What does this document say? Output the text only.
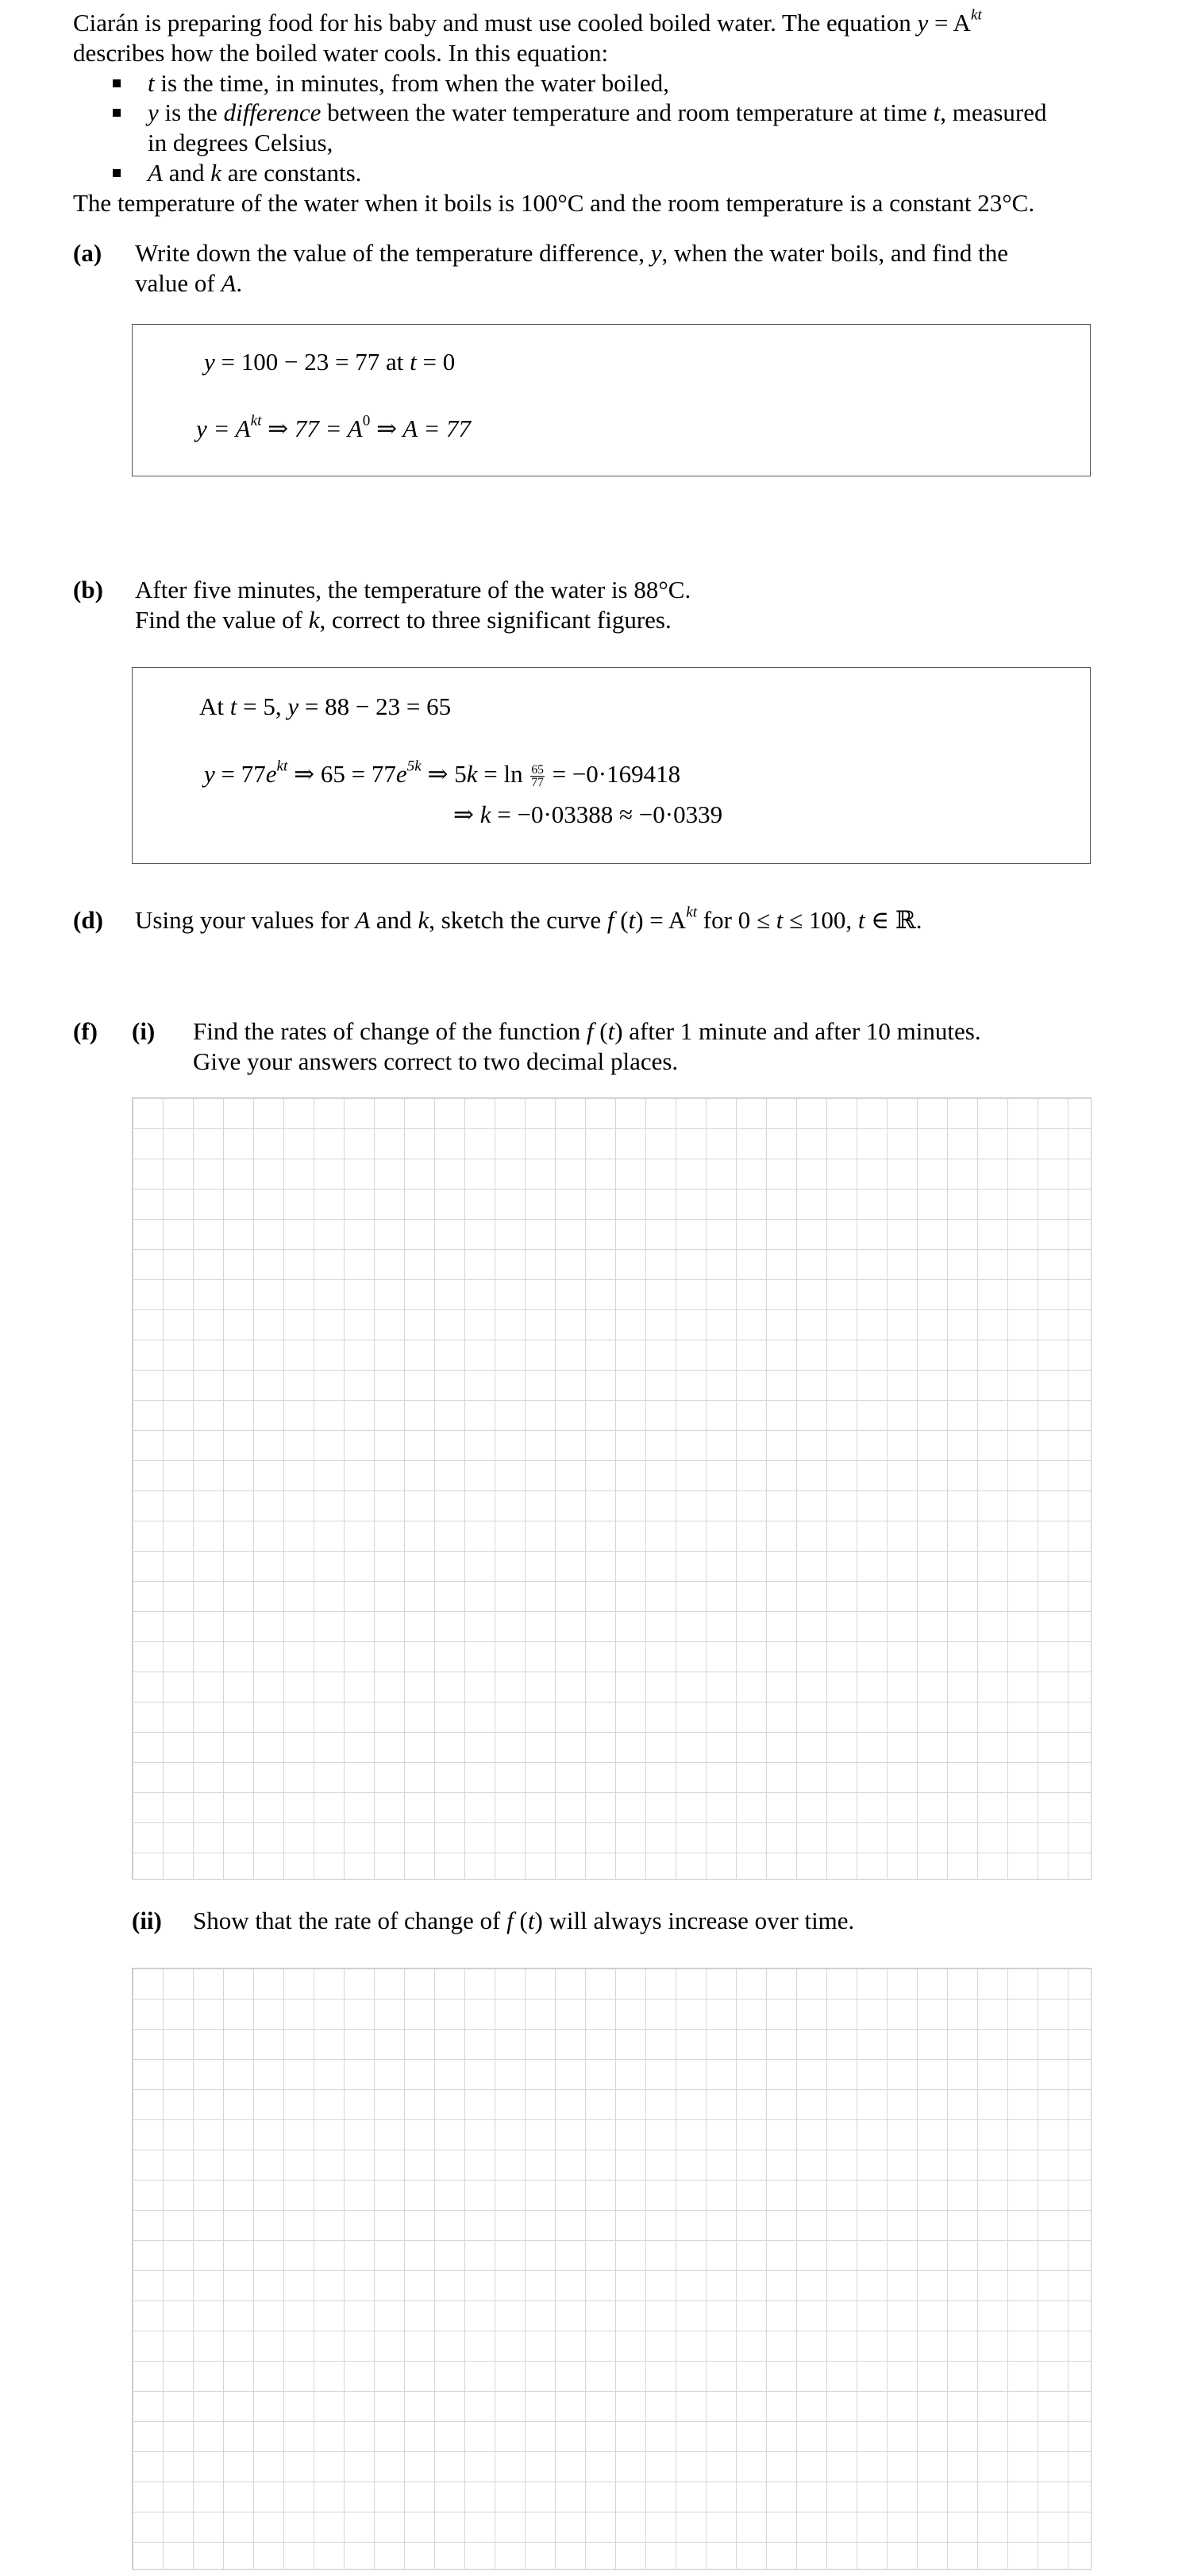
Ciarán is preparing food for his baby and must use cooled boiled water. The equation $y = A^{kt}$

describes how the boiled water cools. In this equation:

t is the time, in minutes, from when the water boiled,
y is the difference between the water temperature and room temperature at time t, measured
in degrees Celsius,
A and k are constants.

The temperature of the water when it boils is 100°C and the room temperature is a constant 23°C.

(a) Write down the value of the temperature difference, y, when the water boils, and find the
value of A.
y = 100 − 23 = 77 at t = 0
$y = A^{kt}$ ⇒ $77 = A^0$ ⇒ A = 77
(b) After five minutes, the temperature of the water is 88°C.
Find the value of k, correct to three significant figures.
At t = 5, y = 88 − 23 = 65
$y = 77e^{kt}$ ⇒ $65 = 77e^{5k}$ ⇒ $5k = \ln \frac{65}{77} = -0\cdot 169418$
⇒ k = −0·03388 ≈ −0·0339
(d) Using your values for A and k, sketch the curve f $(t) = A^{kt}$ for 0 ≤ t ≤ 100, t ∈ ℝ.
(f) (i) Find the rates of change of the function f (t) after 1 minute and after 10 minutes.
Give your answers correct to two decimal places.
(ii) Show that the rate of change of f (t) will always increase over time.
